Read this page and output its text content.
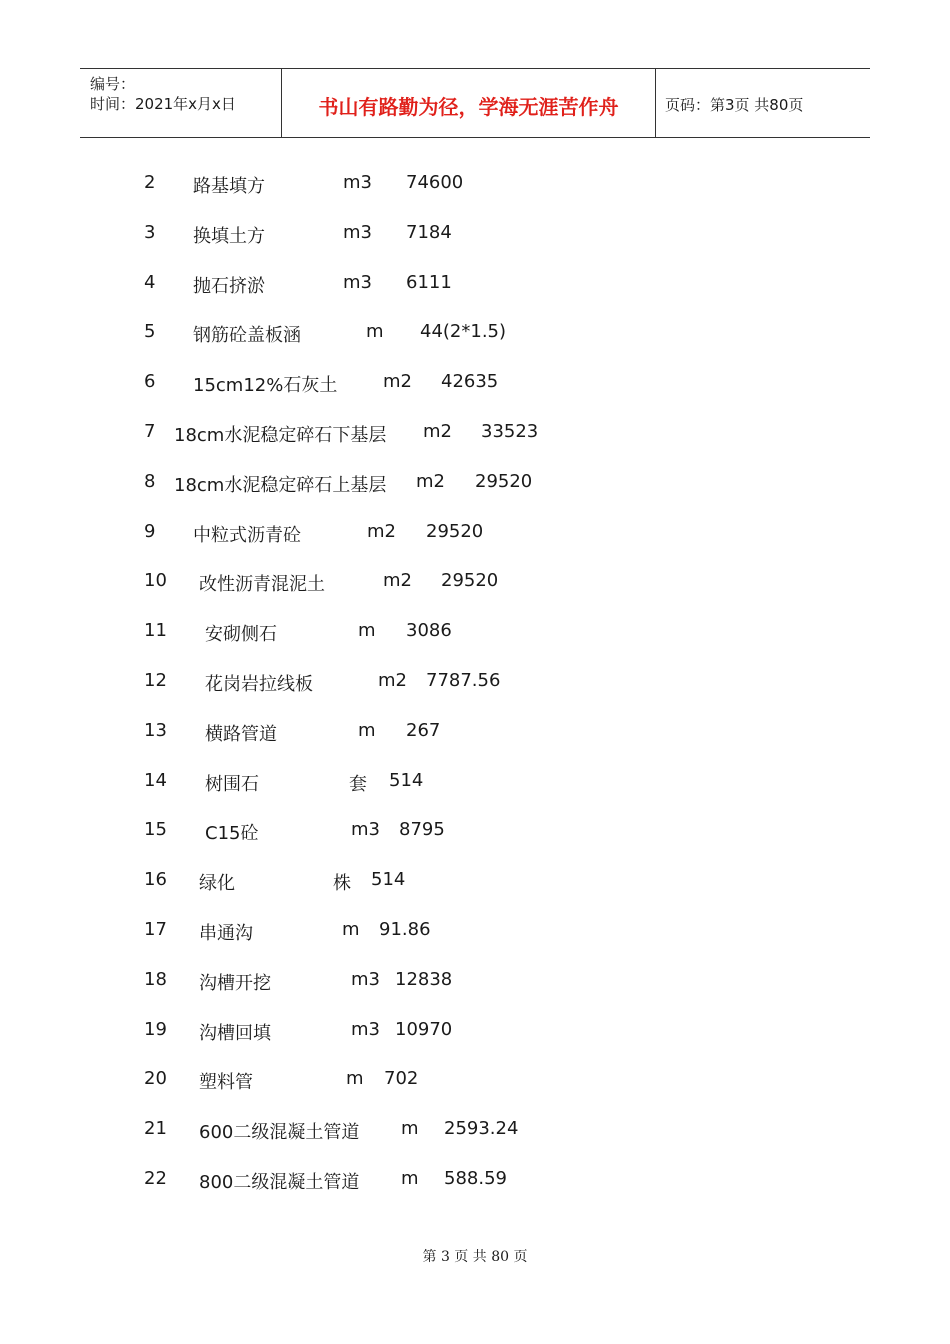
编号：
时间：2021年x月x日	书山有路勤为径，学海无涯苦作舟	页码：第3页 共80页
2 路基填方	m3 74600
3 换填土方	m3 7184
4 抛石挤淤	m3 6111
5 钢筋砼盖板涵	m 44(2*1.5)
6 15cm12%石灰土	m2 42635
7 18cm水泥稳定碎石下基层 m2 33523
8 18cm水泥稳定碎石上基层 m2 29520
9 中粒式沥青砼	m2 29520
10 改性沥青混泥土	m2 29520
11 安砌侧石	m 3086
12 花岗岩拉线板	m2 7787.56
13 横路管道	m 267
14 树围石	套 514
15 C15砼	m3 8795
16 绿化	株 514
17 串通沟	m 91.86
18 沟槽开挖	m3 12838
19 沟槽回填	m3 10970
20 塑料管	m 702
21 600二级混凝土管道 m 2593.24
22 800二级混凝土管道 m 588.59
第 3 页 共 80 页
